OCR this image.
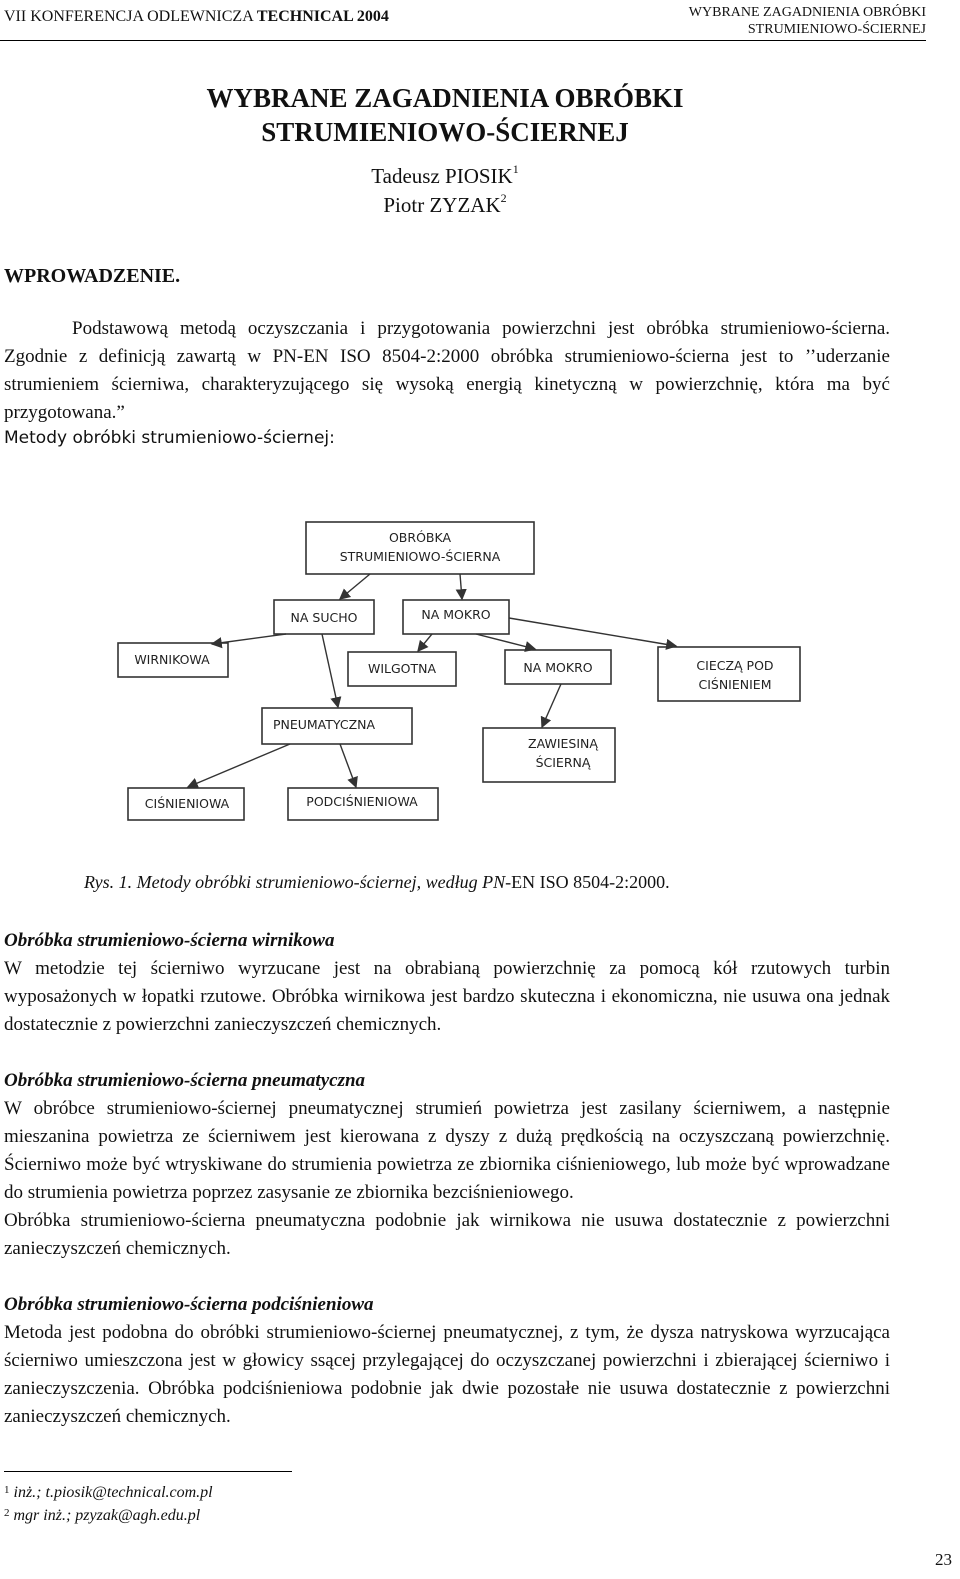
VII KONFERENCJA ODLEWNICZA TECHNICAL 2004	WYBRANE ZAGADNIENIA OBRÓBKI
STRUMIENIOWO-ŚCIERNEJ
WYBRANE ZAGADNIENIA OBRÓBKI
STRUMIENIOWO-ŚCIERNEJ
Tadeusz PIOSIK$^1$
Piotr ZYZAK$^2$
WPROWADZENIE.
Podstawową metodą oczyszczania i przygotowania powierzchni jest obróbka strumieniowo-ścierna. Zgodnie z definicją zawartą w PN-EN ISO 8504-2:2000 obróbka strumieniowo-ścierna jest to ’’uderzanie strumieniem ścierniwa, charakteryzującego się wysoką energią kinetyczną w powierzchnię, która ma być przygotowana.”
Metody obróbki strumieniowo-ściernej:
OBRÓBKA
STRUMIENIOWO-ŚCIERNA
NA SUCHO	NA MOKRO
WIRNIKOWA
WILGOTNA	NA MOKRO	CIECZĄ POD
CIŚNIENIEM
PNEUMATYCZNA
ZAWIESINĄ
ŚCIERNĄ
CIŚNIENIOWA	PODCIŚNIENIOWA
Rys. 1. Metody obróbki strumieniowo-ściernej, według PN-EN ISO 8504-2:2000.
Obróbka strumieniowo-ścierna wirnikowa
W metodzie tej ścierniwo wyrzucane jest na obrabianą powierzchnię za pomocą kół rzutowych turbin wyposażonych w łopatki rzutowe. Obróbka wirnikowa jest bardzo skuteczna i ekonomiczna, nie usuwa ona jednak dostatecznie z powierzchni zanieczyszczeń chemicznych.
Obróbka strumieniowo-ścierna pneumatyczna
W obróbce strumieniowo-ściernej pneumatycznej strumień powietrza jest zasilany ścierniwem, a następnie mieszanina powietrza ze ścierniwem jest kierowana z dyszy z dużą prędkością na oczyszczaną powierzchnię. Ścierniwo może być wtryskiwane do strumienia powietrza ze zbiornika ciśnieniowego, lub może być wprowadzane do strumienia powietrza poprzez zasysanie ze zbiornika bezciśnieniowego.
Obróbka strumieniowo-ścierna pneumatyczna podobnie jak wirnikowa nie usuwa dostatecznie z powierzchni zanieczyszczeń chemicznych.
Obróbka strumieniowo-ścierna podciśnieniowa
Metoda jest podobna do obróbki strumieniowo-ściernej pneumatycznej, z tym, że dysza natryskowa wyrzucająca ścierniwo umieszczona jest w głowicy ssącej przylegającej do oczyszczanej powierzchni i zbierającej ścierniwo i zanieczyszczenia. Obróbka podciśnieniowa podobnie jak dwie pozostałe nie usuwa dostatecznie z powierzchni zanieczyszczeń chemicznych.
$^1$ inż.; t.piosik@technical.com.pl
$^2$ mgr inż.; pzyzak@agh.edu.pl
23
